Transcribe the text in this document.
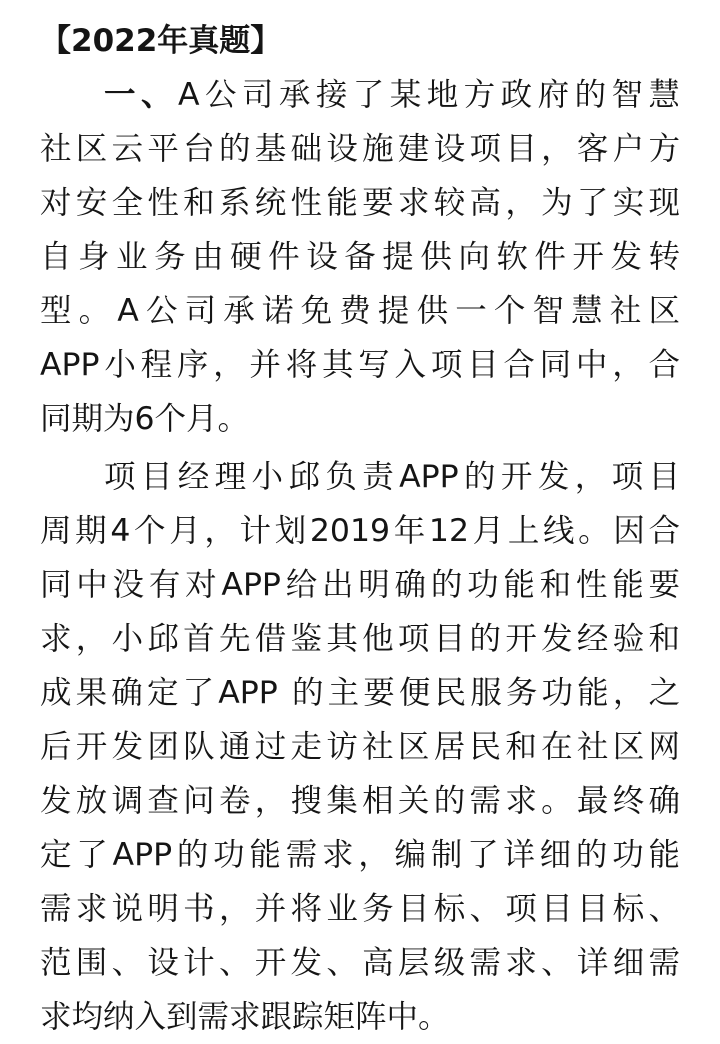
【2022年真题】
一、A公司承接了某地方政府的智慧
社区云平台的基础设施建设项目，客户方
对安全性和系统性能要求较高，为了实现
自身业务由硬件设备提供向软件开发转
型。A公司承诺免费提供一个智慧社区
APP小程序，并将其写入项目合同中，合
同期为6个月。
项目经理小邱负责APP的开发，项目
周期4个月，计划2019年12月上线。因合
同中没有对APP给出明确的功能和性能要
求，小邱首先借鉴其他项目的开发经验和
成果确定了APP 的主要便民服务功能，之
后开发团队通过走访社区居民和在社区网
发放调查问卷，搜集相关的需求。最终确
定了APP的功能需求，编制了详细的功能
需求说明书，并将业务目标、项目目标、
范围、设计、开发、高层级需求、详细需
求均纳入到需求跟踪矩阵中。
